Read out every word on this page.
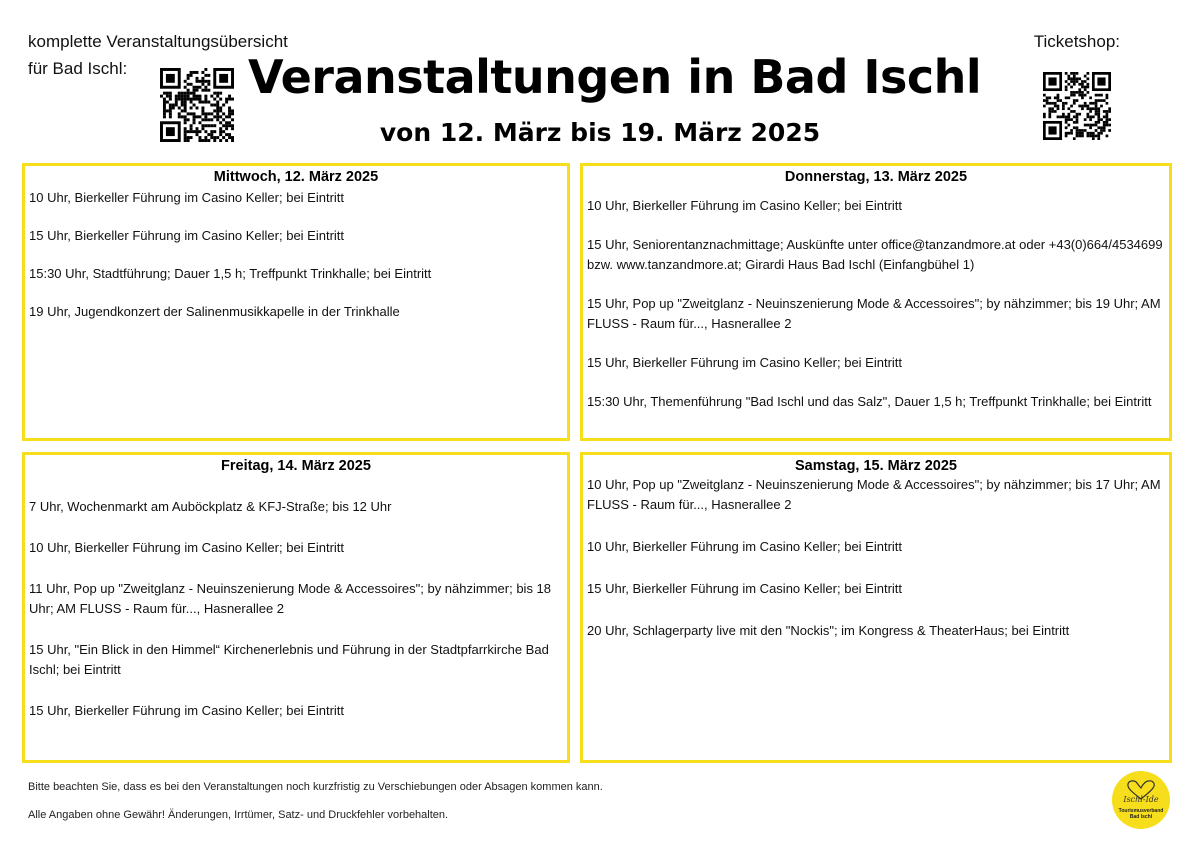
komplette Veranstaltungsübersicht
für Bad Ischl:	Veranstaltungen in Bad Ischl
von 12. März bis 19. März 2025
Ticketshop:
Mittwoch, 12. März 2025
10 Uhr, Bierkeller Führung im Casino Keller; bei Eintritt
15 Uhr, Bierkeller Führung im Casino Keller; bei Eintritt
15:30 Uhr, Stadtführung; Dauer 1,5 h; Treffpunkt Trinkhalle; bei Eintritt
19 Uhr, Jugendkonzert der Salinenmusikkapelle in der Trinkhalle
Donnerstag, 13. März 2025
10 Uhr, Bierkeller Führung im Casino Keller; bei Eintritt
15 Uhr, Seniorentanznachmittage; Auskünfte unter office@tanzandmore.at oder +43(0)664/4534699 bzw. www.tanzandmore.at; Girardi Haus Bad Ischl (Einfangbühel 1)
15 Uhr, Pop up "Zweitglanz - Neuinszenierung Mode & Accessoires"; by nähzimmer; bis 19 Uhr; AM FLUSS - Raum für..., Hasnerallee 2
15 Uhr, Bierkeller Führung im Casino Keller; bei Eintritt
15:30 Uhr, Themenführung "Bad Ischl und das Salz", Dauer 1,5 h; Treffpunkt Trinkhalle; bei Eintritt
Freitag, 14. März 2025
7 Uhr, Wochenmarkt am Auböckplatz & KFJ-Straße; bis 12 Uhr
10 Uhr, Bierkeller Führung im Casino Keller; bei Eintritt
11 Uhr, Pop up "Zweitglanz - Neuinszenierung Mode & Accessoires"; by nähzimmer; bis 18 Uhr; AM FLUSS - Raum für..., Hasnerallee 2
15 Uhr, "Ein Blick in den Himmel“ Kirchenerlebnis und Führung in der Stadtpfarrkirche Bad Ischl; bei Eintritt
15 Uhr, Bierkeller Führung im Casino Keller; bei Eintritt
Samstag, 15. März 2025
10 Uhr, Pop up "Zweitglanz - Neuinszenierung Mode & Accessoires"; by nähzimmer; bis 17 Uhr; AM FLUSS - Raum für..., Hasnerallee 2
10 Uhr, Bierkeller Führung im Casino Keller; bei Eintritt
15 Uhr, Bierkeller Führung im Casino Keller; bei Eintritt
20 Uhr, Schlagerparty live mit den "Nockis"; im Kongress & TheaterHaus; bei Eintritt

Bitte beachten Sie, dass es bei den Veranstaltungen noch kurzfristig zu Verschiebungen oder Absagen kommen kann.

Alle Angaben ohne Gewähr! Änderungen, Irrtümer, Satz- und Druckfehler vorbehalten.

Ischl-Ide
Tourismusverband
Bad Ischl
